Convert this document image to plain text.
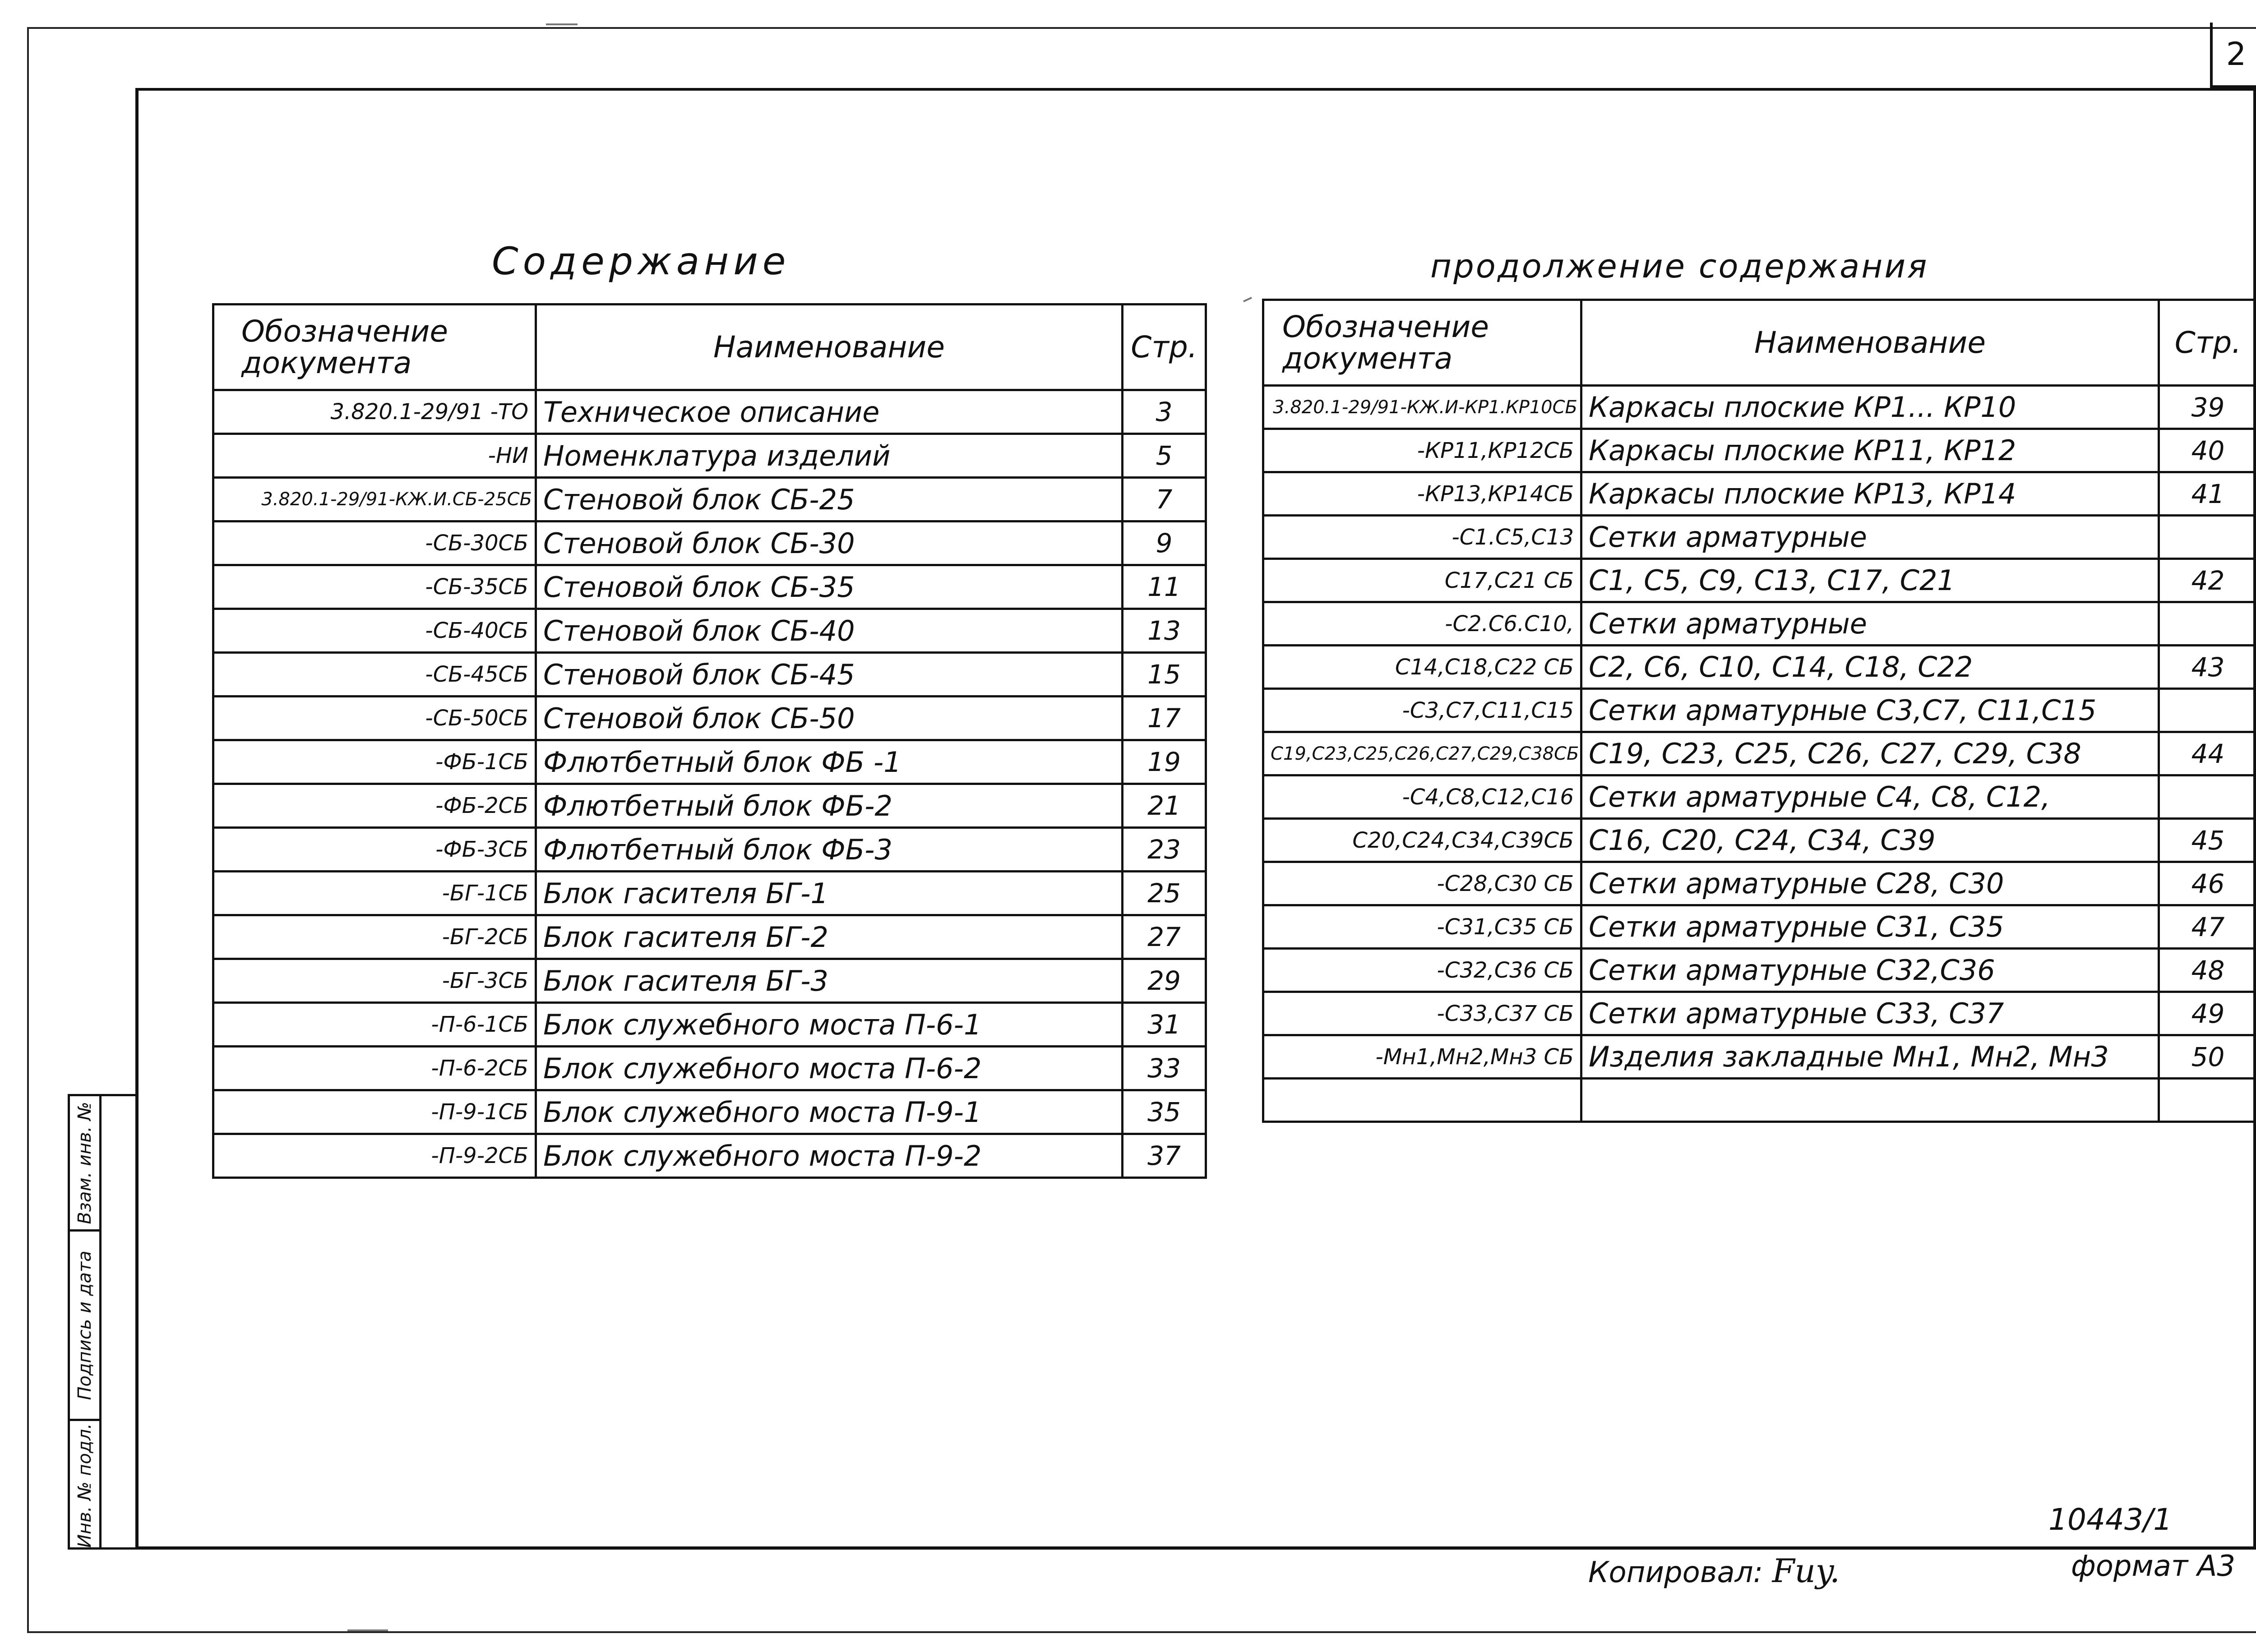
2
Содержание	продолжение содержания
Обозначение документа	Наименование	Стр.
3.820.1-29/91 -ТО	Техническое описание	3
-НИ	Номенклатура изделий	5
3.820.1-29/91-КЖ.И.СБ-25СБ	Стеновой блок СБ-25	7
-СБ-30СБ	Стеновой блок СБ-30	9
-СБ-35СБ	Стеновой блок СБ-35	11
-СБ-40СБ	Стеновой блок СБ-40	13
-СБ-45СБ	Стеновой блок СБ-45	15
-СБ-50СБ	Стеновой блок СБ-50	17
-ФБ-1СБ	Флютбетный блок ФБ -1	19
-ФБ-2СБ	Флютбетный блок ФБ-2	21
-ФБ-3СБ	Флютбетный блок ФБ-3	23
-БГ-1СБ	Блок гасителя БГ-1	25
-БГ-2СБ	Блок гасителя БГ-2	27
-БГ-3СБ	Блок гасителя БГ-3	29
-П-6-1СБ	Блок служебного моста П-6-1	31
-П-6-2СБ	Блок служебного моста П-6-2	33
-П-9-1СБ	Блок служебного моста П-9-1	35
-П-9-2СБ	Блок служебного моста П-9-2	37
Обозначение документа	Наименование	Стр.
3.820.1-29/91-КЖ.И-КР1.КР10СБ	Каркасы плоские КР1... КР10	39
-КР11,КР12СБ	Каркасы плоские КР11, КР12	40
-КР13,КР14СБ	Каркасы плоские КР13, КР14	41
-С1.С5,С13	Сетки арматурные	
С17,С21 СБ	С1, С5, С9, С13, С17, С21	42
-С2.С6.С10,	Сетки арматурные	
С14,С18,С22 СБ	С2, С6, С10, С14, С18, С22	43
-С3,С7,С11,С15	Сетки арматурные С3,С7, С11,С15	
С19,С23,С25,С26,С27,С29,С38СБ	С19, С23, С25, С26, С27, С29, С38	44
-С4,С8,С12,С16	Сетки арматурные С4, С8, С12,	
С20,С24,С34,С39СБ	С16, С20, С24, С34, С39	45
-С28,С30 СБ	Сетки арматурные С28, С30	46
-С31,С35 СБ	Сетки арматурные С31, С35	47
-С32,С36 СБ	Сетки арматурные С32,С36	48
-С33,С37 СБ	Сетки арматурные С33, С37	49
-Мн1,Мн2,Мн3 СБ	Изделия закладные Мн1, Мн2, Мн3	50

Взам. инв. №
Подпись и дата
Инв. № подл.
Копировал: Fuy.
10443/1
формат А3
